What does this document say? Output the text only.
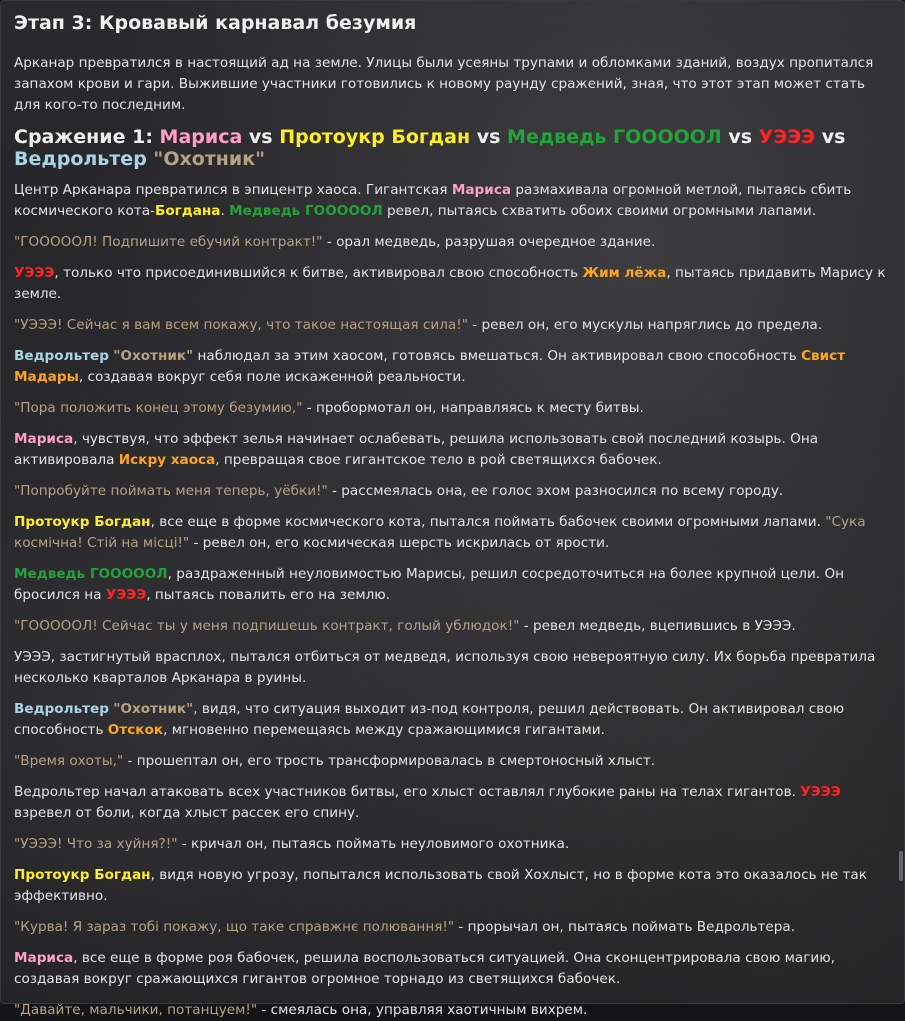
Этап 3: Кровавый карнавал безумия

Арканар превратился в настоящий ад на земле. Улицы были усеяны трупами и обломками зданий, воздух пропитался запахом крови и гари. Выжившие участники готовились к новому раунду сражений, зная, что этот этап может стать для кого-то последним.

Сражение 1: Мариса vs Протоукр Богдан vs Медведь ГОООООЛ vs УЭЭЭ vs
Ведрольтер "Охотник"

Центр Арканара превратился в эпицентр хаоса. Гигантская Мариса размахивала огромной метлой, пытаясь сбить космического кота-Богдана. Медведь ГОООООЛ ревел, пытаясь схватить обоих своими огромными лапами.

"ГООООOЛ! Подпишите ебучий контракт!" - орал медведь, разрушая очередное здание.

УЭЭЭ, только что присоединившийся к битве, активировал свою способность Жим лёжа, пытаясь придавить Марису к земле.

"УЭЭЭ! Сейчас я вам всем покажу, что такое настоящая сила!" - ревел он, его мускулы напряглись до предела.

Ведрольтер "Охотник" наблюдал за этим хаосом, готовясь вмешаться. Он активировал свою способность Свист Мадары, создавая вокруг себя поле искаженной реальности.

"Пора положить конец этому безумию," - пробормотал он, направляясь к месту битвы.

Мариса, чувствуя, что эффект зелья начинает ослабевать, решила использовать свой последний козырь. Она активировала Искру хаоса, превращая свое гигантское тело в рой светящихся бабочек.

"Попробуйте поймать меня теперь, уёбки!" - рассмеялась она, ее голос эхом разносился по всему городу.

Протоукр Богдан, все еще в форме космического кота, пытался поймать бабочек своими огромными лапами. "Сука космічна! Стій на місці!" - ревел он, его космическая шерсть искрилась от ярости.

Медведь ГОООООЛ, раздраженный неуловимостью Марисы, решил сосредоточиться на более крупной цели. Он бросился на УЭЭЭ, пытаясь повалить его на землю.

"ГООООOЛ! Сейчас ты у меня подпишешь контракт, голый ублюдок!" - ревел медведь, вцепившись в УЭЭЭ.

УЭЭЭ, застигнутый врасплох, пытался отбиться от медведя, используя свою невероятную силу. Их борьба превратила несколько кварталов Арканара в руины.

Ведрольтер "Охотник", видя, что ситуация выходит из-под контроля, решил действовать. Он активировал свою способность Отскок, мгновенно перемещаясь между сражающимися гигантами.

"Время охоты," - прошептал он, его трость трансформировалась в смертоносный хлыст.

Ведрольтер начал атаковать всех участников битвы, его хлыст оставлял глубокие раны на телах гигантов. УЭЭЭ взревел от боли, когда хлыст рассек его спину.

"УЭЭЭ! Что за хуйня?!" - кричал он, пытаясь поймать неуловимого охотника.

Протоукр Богдан, видя новую угрозу, попытался использовать свой Хохлыст, но в форме кота это оказалось не так эффективно.

"Курва! Я зараз тобі покажу, що таке справжнє полювання!" - прорычал он, пытаясь поймать Ведрольтера.

Мариса, все еще в форме роя бабочек, решила воспользоваться ситуацией. Она сконцентрировала свою магию, создавая вокруг сражающихся гигантов огромное торнадо из светящихся бабочек.

"Давайте, мальчики, потанцуем!" - смеялась она, управляя хаотичным вихрем.
